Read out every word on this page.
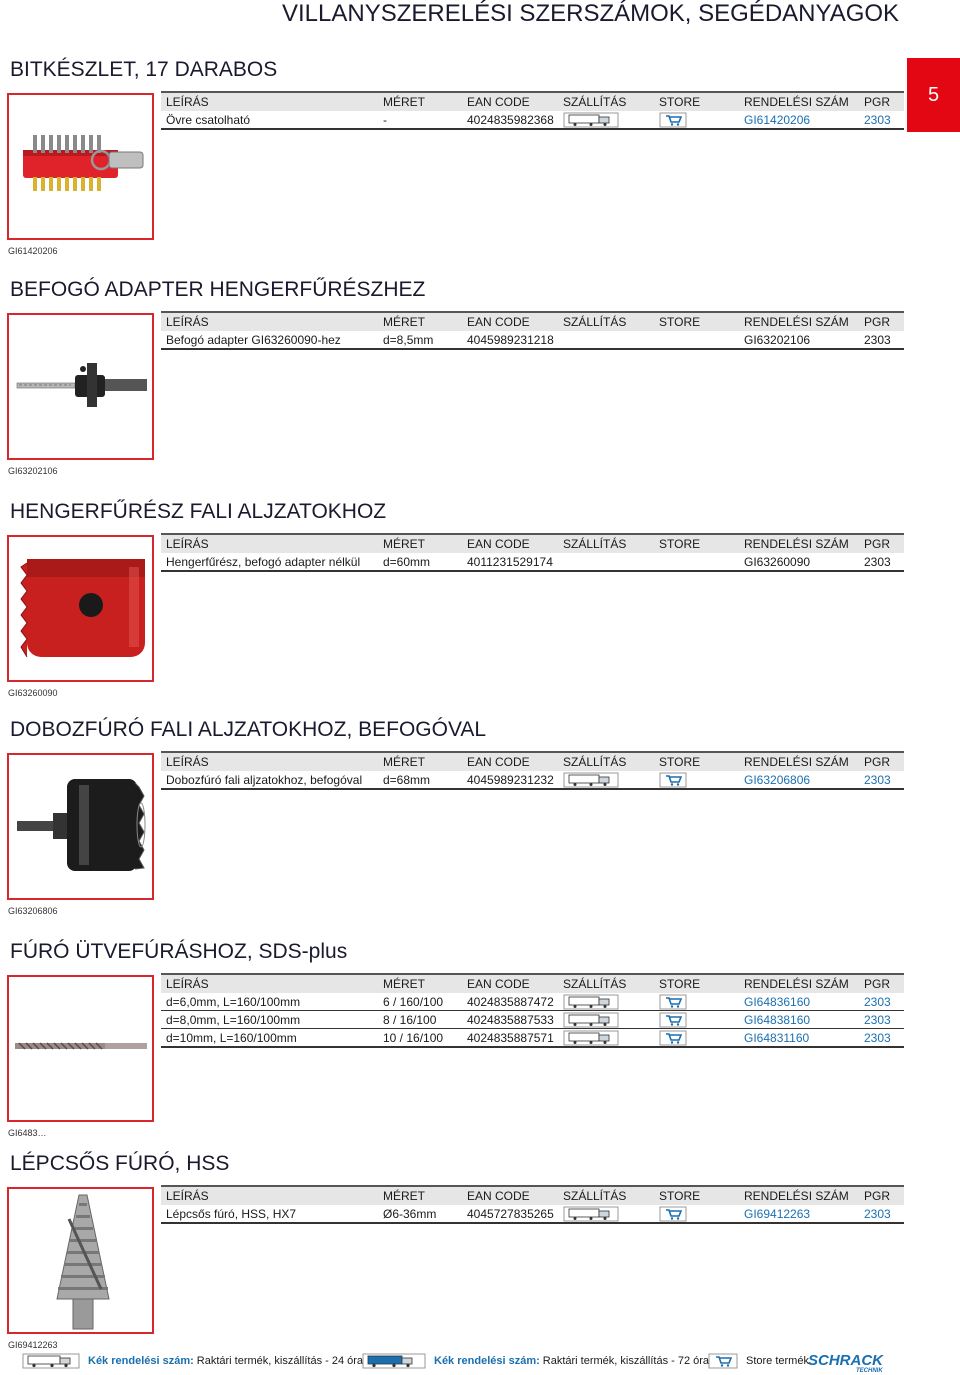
VILLANYSZERELÉSI SZERSZÁMOK, SEGÉDANYAGOK
5
BITKÉSZLET, 17 DARABOS
GI61420206
LEÍRÁS	MÉRET	EAN CODE	SZÁLLÍTÁS	STORE	RENDELÉSI SZÁM	PGR
Övre csatolható	-	4024835982368			GI61420206	2303
BEFOGÓ ADAPTER HENGERFŰRÉSZHEZ
GI63202106
LEÍRÁS	MÉRET	EAN CODE	SZÁLLÍTÁS	STORE	RENDELÉSI SZÁM	PGR
Befogó adapter GI63260090-hez	d=8,5mm	4045989231218			GI63202106	2303
HENGERFŰRÉSZ FALI ALJZATOKHOZ
GI63260090
LEÍRÁS	MÉRET	EAN CODE	SZÁLLÍTÁS	STORE	RENDELÉSI SZÁM	PGR
Hengerfűrész, befogó adapter nélkül	d=60mm	4011231529174			GI63260090	2303
DOBOZFÚRÓ FALI ALJZATOKHOZ, BEFOGÓVAL
GI63206806
LEÍRÁS	MÉRET	EAN CODE	SZÁLLÍTÁS	STORE	RENDELÉSI SZÁM	PGR
Dobozfúró fali aljzatokhoz, befogóval	d=68mm	4045989231232			GI63206806	2303
FÚRÓ ÜTVEFÚRÁSHOZ, SDS-plus
GI6483…
LEÍRÁS	MÉRET	EAN CODE	SZÁLLÍTÁS	STORE	RENDELÉSI SZÁM	PGR
d=6,0mm, L=160/100mm	6 / 160/100	4024835887472			GI64836160	2303
d=8,0mm, L=160/100mm	8 / 16/100	4024835887533			GI64838160	2303
d=10mm, L=160/100mm	10 / 16/100	4024835887571			GI64831160	2303
LÉPCSŐS FÚRÓ, HSS
GI69412263
LEÍRÁS	MÉRET	EAN CODE	SZÁLLÍTÁS	STORE	RENDELÉSI SZÁM	PGR
Lépcsős fúró, HSS, HX7	Ø6-36mm	4045727835265			GI69412263	2303
Kék rendelési szám: Raktári termék, kiszállítás - 24 óra	Kék rendelési szám: Raktári termék, kiszállítás - 72 óra	Store termék SCHRACK
TECHNIK
